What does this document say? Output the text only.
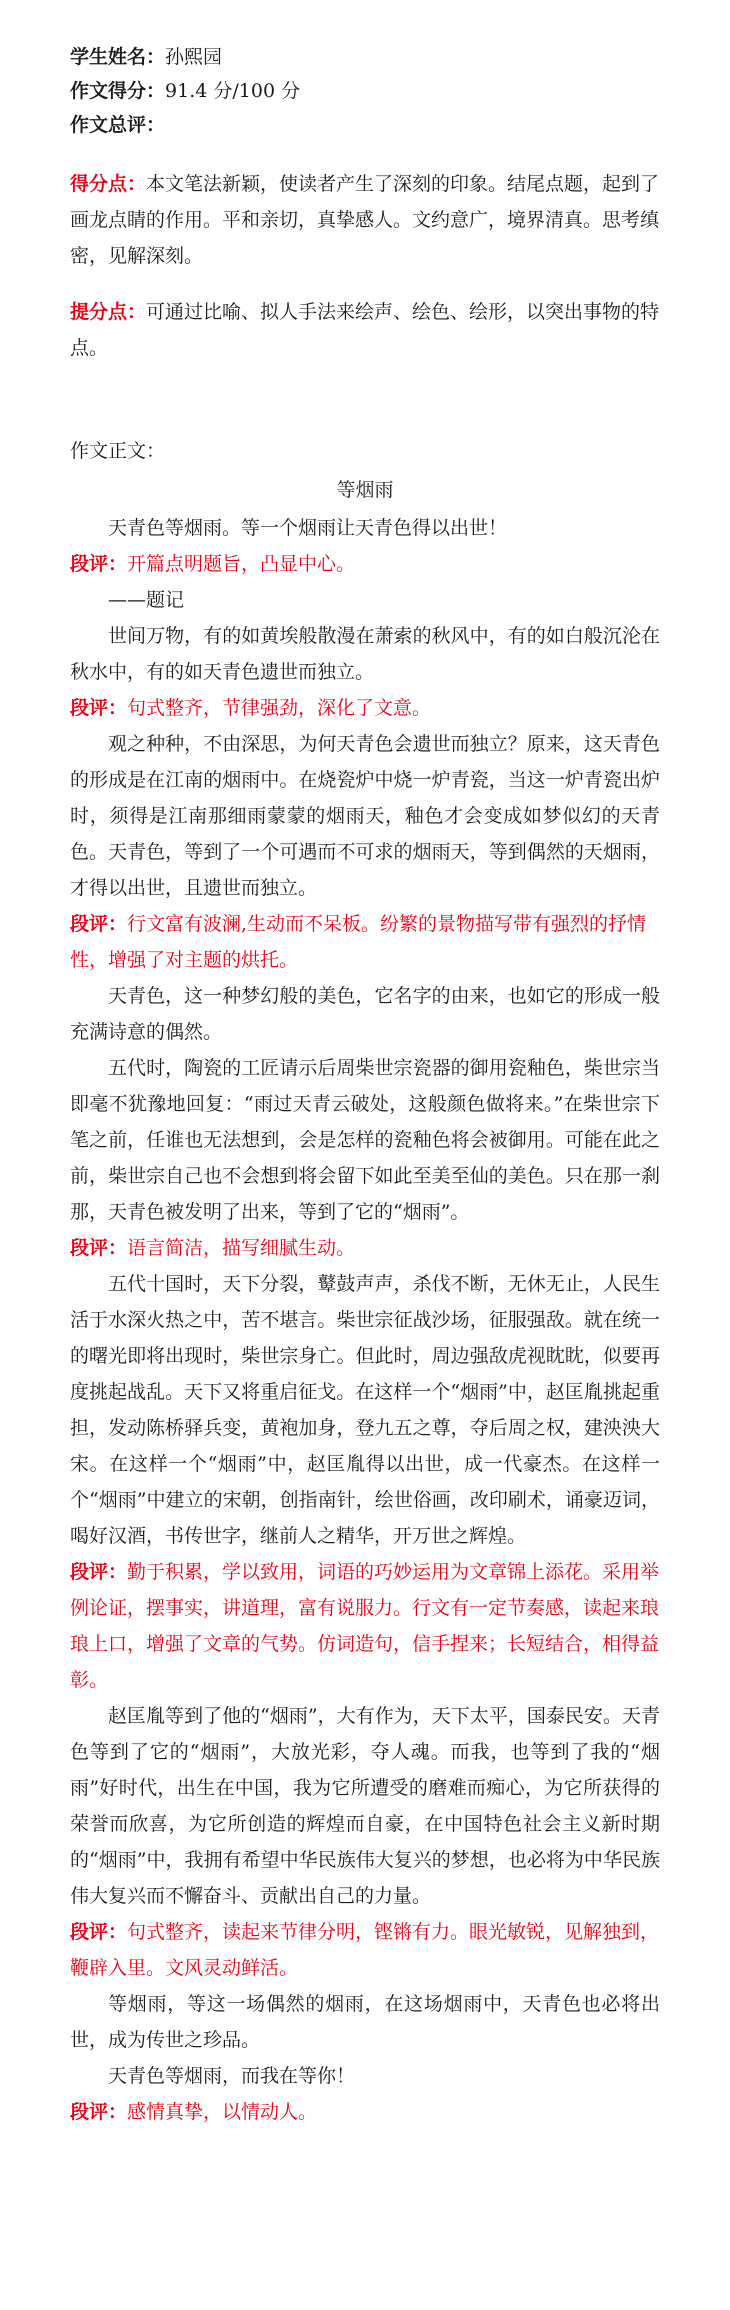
学生姓名：孙熙园

作文得分：91.4 分/100 分

作文总评：

得分点：本文笔法新颖，使读者产生了深刻的印象。结尾点题，起到了画龙点睛的作用。平和亲切，真挚感人。文约意广，境界清真。思考缜密，见解深刻。

提分点：可通过比喻、拟人手法来绘声、绘色、绘形，以突出事物的特点。

作文正文：
等烟雨

天青色等烟雨。等一个烟雨让天青色得以出世！

段评：开篇点明题旨，凸显中心。

——题记

世间万物，有的如黄埃般散漫在萧索的秋风中，有的如白般沉沦在秋水中，有的如天青色遗世而独立。

段评：句式整齐，节律强劲，深化了文意。

观之种种，不由深思，为何天青色会遗世而独立？原来，这天青色的形成是在江南的烟雨中。在烧瓷炉中烧一炉青瓷，当这一炉青瓷出炉时，须得是江南那细雨蒙蒙的烟雨天，釉色才会变成如梦似幻的天青色。天青色，等到了一个可遇而不可求的烟雨天，等到偶然的天烟雨，才得以出世，且遗世而独立。

段评：行文富有波澜,生动而不呆板。纷繁的景物描写带有强烈的抒情性，增强了对主题的烘托。

天青色，这一种梦幻般的美色，它名字的由来，也如它的形成一般充满诗意的偶然。

五代时，陶瓷的工匠请示后周柴世宗瓷器的御用瓷釉色，柴世宗当即毫不犹豫地回复：“雨过天青云破处，这般颜色做将来。”在柴世宗下笔之前，任谁也无法想到，会是怎样的瓷釉色将会被御用。可能在此之前，柴世宗自己也不会想到将会留下如此至美至仙的美色。只在那一刹那，天青色被发明了出来，等到了它的“烟雨”。

段评：语言简洁，描写细腻生动。

五代十国时，天下分裂，鼙鼓声声，杀伐不断，无休无止，人民生活于水深火热之中，苦不堪言。柴世宗征战沙场，征服强敌。就在统一的曙光即将出现时，柴世宗身亡。但此时，周边强敌虎视眈眈，似要再度挑起战乱。天下又将重启征戈。在这样一个“烟雨”中，赵匡胤挑起重担，发动陈桥驿兵变，黄袍加身，登九五之尊，夺后周之权，建泱泱大宋。在这样一个“烟雨”中，赵匡胤得以出世，成一代豪杰。在这样一个“烟雨”中建立的宋朝，创指南针，绘世俗画，改印刷术，诵豪迈词，喝好汉酒，书传世字，继前人之精华，开万世之辉煌。

段评：勤于积累，学以致用，词语的巧妙运用为文章锦上添花。采用举例论证，摆事实，讲道理，富有说服力。行文有一定节奏感，读起来琅琅上口，增强了文章的气势。仿词造句，信手捏来；长短结合，相得益彰。

赵匡胤等到了他的“烟雨”，大有作为，天下太平，国泰民安。天青色等到了它的“烟雨”，大放光彩，夺人魂。而我，也等到了我的“烟雨”好时代，出生在中国，我为它所遭受的磨难而痴心，为它所获得的荣誉而欣喜，为它所创造的辉煌而自豪，在中国特色社会主义新时期的“烟雨”中，我拥有希望中华民族伟大复兴的梦想，也必将为中华民族伟大复兴而不懈奋斗、贡献出自己的力量。

段评：句式整齐，读起来节律分明，铿锵有力。眼光敏锐，见解独到，鞭辟入里。文风灵动鲜活。

等烟雨，等这一场偶然的烟雨，在这场烟雨中，天青色也必将出世，成为传世之珍品。

天青色等烟雨，而我在等你！

段评：感情真挚，以情动人。
